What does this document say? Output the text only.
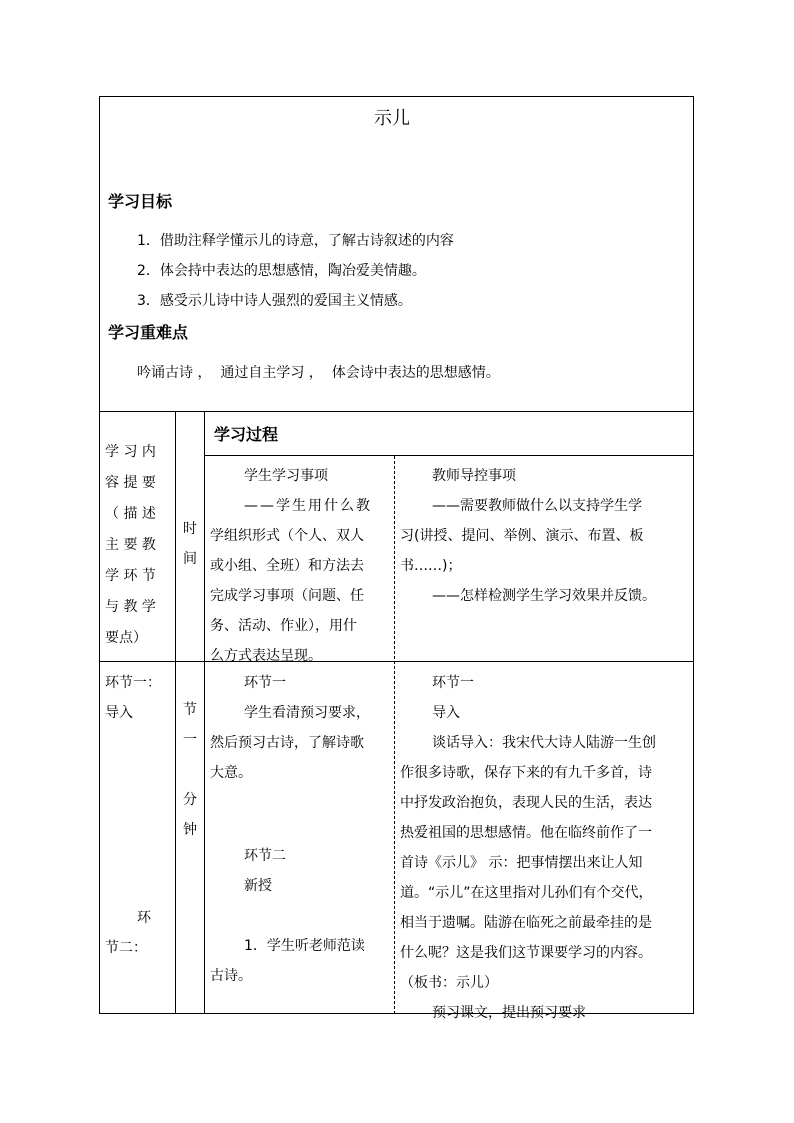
示儿
学习目标
1．借助注释学懂示儿的诗意，了解古诗叙述的内容
2．体会持中表达的思想感情，陶冶爱美情趣。
3．感受示儿诗中诗人强烈的爱国主义情感。
学习重难点
吟诵古诗 ，  通过自主学习 ，  体会诗中表达的思想感情。
学 习 内
容 提 要
（ 描 述
主 要 教
学 环 节
与 教 学
要点）
时
间
学习过程
学生学习事项
——学生用什么教
学组织形式（个人、双人
或小组、全班）和方法去
完成学习事项（问题、任
务、活动、作业），用什
么方式表达呈现。
教师导控事项
——需要教师做什么以支持学生学
习(讲授、提问、举例、演示、布置、板
书……)；
——怎样检测学生学习效果并反馈。
环节一：
导入
环
节二：
节
一
分
钟
环节一
学生看清预习要求，
然后预习古诗，了解诗歌
大意。
环节二
新授
1．学生听老师范读
古诗。
环节一
导入
谈话导入：我宋代大诗人陆游一生创
作很多诗歌，保存下来的有九千多首，诗
中抒发政治抱负，表现人民的生活，表达
热爱祖国的思想感情。他在临终前作了一
首诗《示儿》 示：把事情摆出来让人知
道。“示儿”在这里指对儿孙们有个交代，
相当于遗嘱。陆游在临死之前最牵挂的是
什么呢？这是我们这节课要学习的内容。
（板书：示儿）
预习课文，提出预习要求
